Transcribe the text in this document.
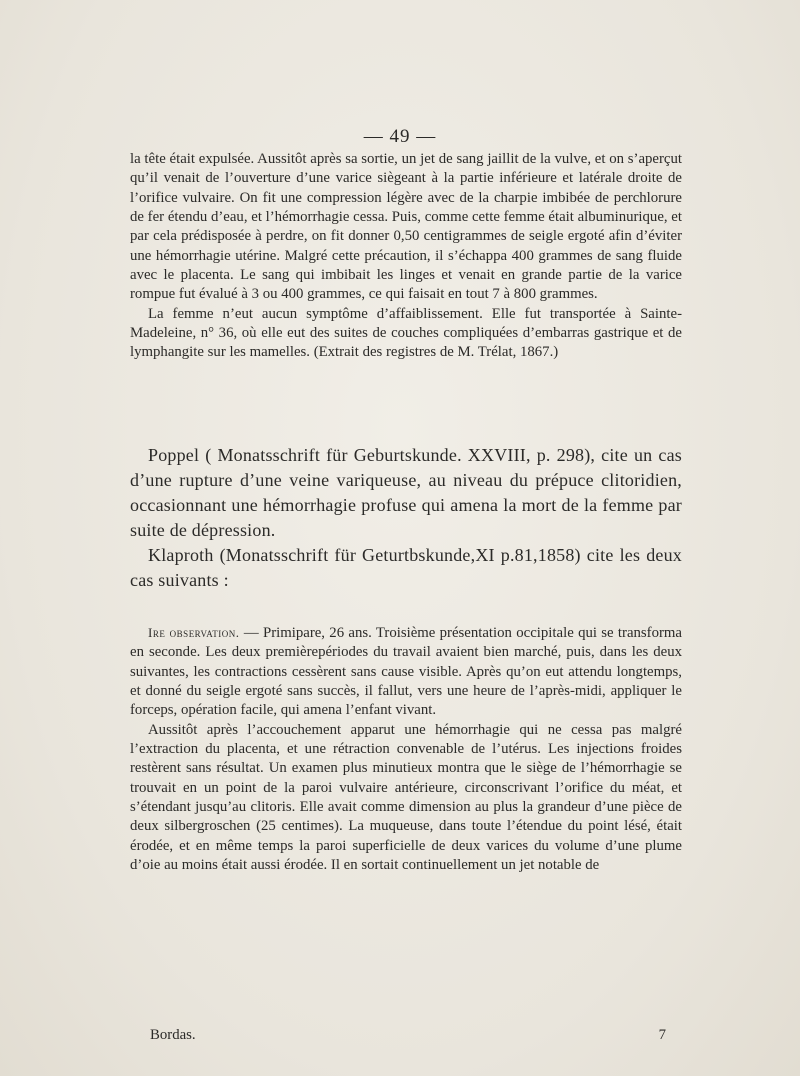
— 49 —

la tête était expulsée. Aussitôt après sa sortie, un jet de sang jaillit de la vulve, et on s’aperçut qu’il venait de l’ouverture d’une varice siègeant à la partie inférieure et latérale droite de l’orifice vulvaire. On fit une compression légère avec de la charpie imbibée de perchlorure de fer étendu d’eau, et l’hémorrhagie cessa. Puis, comme cette femme était albuminurique, et par cela prédisposée à perdre, on fit donner 0,50 centigrammes de seigle ergoté afin d’éviter une hémorrhagie utérine. Malgré cette précaution, il s’échappa 400 grammes de sang fluide avec le placenta. Le sang qui imbibait les linges et venait en grande partie de la varice rompue fut évalué à 3 ou 400 grammes, ce qui faisait en tout 7 à 800 grammes.

La femme n’eut aucun symptôme d’affaiblissement. Elle fut transportée à Sainte-Madeleine, n° 36, où elle eut des suites de couches compliquées d’embarras gastrique et de lymphangite sur les mamelles. (Extrait des registres de M. Trélat, 1867.)

Poppel ( Monatsschrift für Geburtskunde. XXVIII, p. 298), cite un cas d’une rupture d’une veine variqueuse, au niveau du prépuce clitoridien, occasionnant une hémorrhagie profuse qui amena la mort de la femme par suite de dépression.

Klaproth (Monatsschrift für Geturtbskunde,XI p.81,1858) cite les deux cas suivants :

Ire observation. — Primipare, 26 ans. Troisième présentation occipitale qui se transforma en seconde. Les deux premièrepériodes du travail avaient bien marché, puis, dans les deux suivantes, les contractions cessèrent sans cause visible. Après qu’on eut attendu longtemps, et donné du seigle ergoté sans succès, il fallut, vers une heure de l’après-midi, appliquer le forceps, opération facile, qui amena l’enfant vivant.

Aussitôt après l’accouchement apparut une hémorrhagie qui ne cessa pas malgré l’extraction du placenta, et une rétraction convenable de l’utérus. Les injections froides restèrent sans résultat. Un examen plus minutieux montra que le siège de l’hémorrhagie se trouvait en un point de la paroi vulvaire antérieure, circonscrivant l’orifice du méat, et s’étendant jusqu’au clitoris. Elle avait comme dimension au plus la grandeur d’une pièce de deux silbergroschen (25 centimes). La muqueuse, dans toute l’étendue du point lésé, était érodée, et en même temps la paroi superficielle de deux varices du volume d’une plume d’oie au moins était aussi érodée. Il en sortait continuellement un jet notable de

Bordas.	7
